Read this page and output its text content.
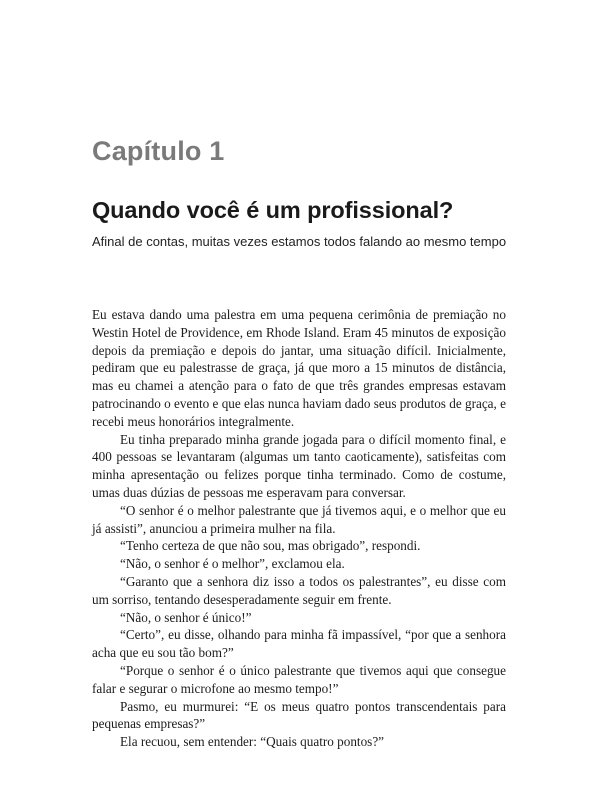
Capítulo 1
Quando você é um profissional?
Afinal de contas, muitas vezes estamos todos falando ao mesmo tempo

Eu estava dando uma palestra em uma pequena cerimônia de premiação no Westin Hotel de Providence, em Rhode Island. Eram 45 minutos de exposição depois da premiação e depois do jantar, uma situação difícil. Inicialmente, pediram que eu palestrasse de graça, já que moro a 15 minutos de distância, mas eu chamei a atenção para o fato de que três grandes empresas estavam patrocinando o evento e que elas nunca haviam dado seus produtos de graça, e recebi meus honorários integralmente.

Eu tinha preparado minha grande jogada para o difícil momento final, e 400 pessoas se levantaram (algumas um tanto caoticamente), satisfeitas com minha apresentação ou felizes porque tinha terminado. Como de costume, umas duas dúzias de pessoas me esperavam para conversar.

“O senhor é o melhor palestrante que já tivemos aqui, e o melhor que eu já assisti”, anunciou a primeira mulher na fila.

“Tenho certeza de que não sou, mas obrigado”, respondi.

“Não, o senhor é o melhor”, exclamou ela.

“Garanto que a senhora diz isso a todos os palestrantes”, eu disse com um sorriso, tentando desesperadamente seguir em frente.

“Não, o senhor é único!”

“Certo”, eu disse, olhando para minha fã impassível, “por que a senhora acha que eu sou tão bom?”

“Porque o senhor é o único palestrante que tivemos aqui que consegue falar e segurar o microfone ao mesmo tempo!”

Pasmo, eu murmurei: “E os meus quatro pontos transcendentais para pequenas empresas?”

Ela recuou, sem entender: “Quais quatro pontos?”
